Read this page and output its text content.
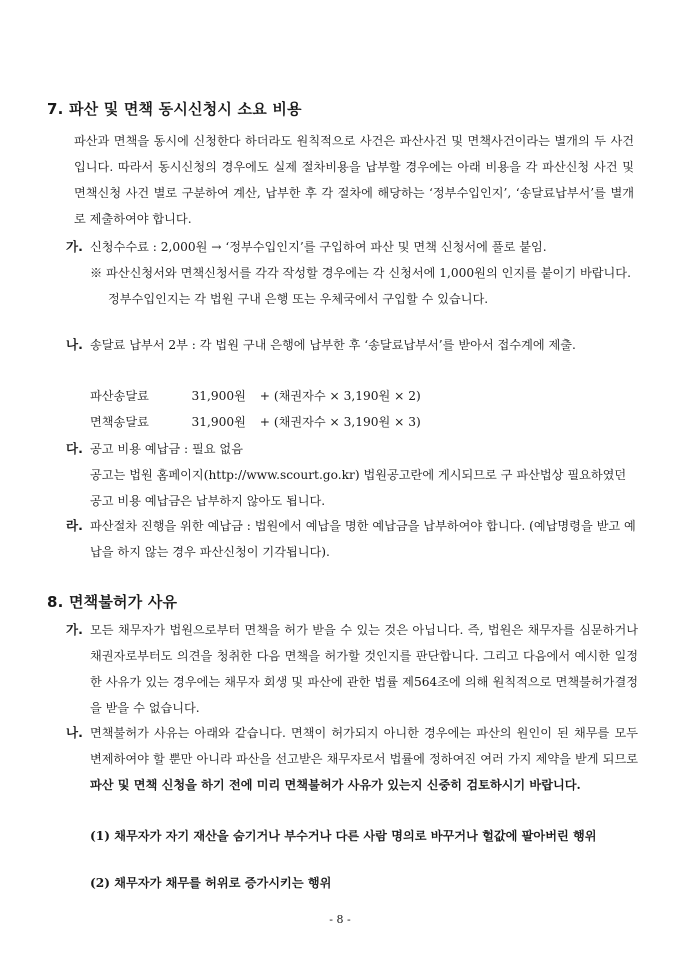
7. 파산 및 면책 동시신청시 소요 비용
파산과 면책을 동시에 신청한다 하더라도 원칙적으로 사건은 파산사건 및 면책사건이라는 별개의 두 사건입니다. 따라서 동시신청의 경우에도 실제 절차비용을 납부할 경우에는 아래 비용을 각 파산신청 사건 및 면책신청 사건 별로 구분하여 계산, 납부한 후 각 절차에 해당하는 ‘정부수입인지’, ‘송달료납부서’를 별개로 제출하여야 합니다.
가. 신청수수료 : 2,000원 → ‘정부수입인지’를 구입하여 파산 및 면책 신청서에 풀로 붙임.
※ 파산신청서와 면책신청서를 각각 작성할 경우에는 각 신청서에 1,000원의 인지를 붙이기 바랍니다. 정부수입인지는 각 법원 구내 은행 또는 우체국에서 구입할 수 있습니다.
나. 송달료 납부서 2부 : 각 법원 구내 은행에 납부한 후 ‘송달료납부서’를 받아서 접수계에 제출.
파산송달료	31,900원 + (채권자수 × 3,190원 × 2)
면책송달료	31,900원 + (채권자수 × 3,190원 × 3)
다. 공고 비용 예납금 : 필요 없음
공고는 법원 홈페이지(http://www.scourt.go.kr) 법원공고란에 게시되므로 구 파산법상 필요하였던 공고 비용 예납금은 납부하지 않아도 됩니다.
라. 파산절차 진행을 위한 예납금 : 법원에서 예납을 명한 예납금을 납부하여야 합니다. (예납명령을 받고 예납을 하지 않는 경우 파산신청이 기각됩니다).
8. 면책불허가 사유
가. 모든 채무자가 법원으로부터 면책을 허가 받을 수 있는 것은 아닙니다. 즉, 법원은 채무자를 심문하거나 채권자로부터도 의견을 청취한 다음 면책을 허가할 것인지를 판단합니다. 그리고 다음에서 예시한 일정한 사유가 있는 경우에는 채무자 회생 및 파산에 관한 법률 제564조에 의해 원칙적으로 면책불허가결정을 받을 수 없습니다.
나. 면책불허가 사유는 아래와 같습니다. 면책이 허가되지 아니한 경우에는 파산의 원인이 된 채무를 모두 변제하여야 할 뿐만 아니라 파산을 선고받은 채무자로서 법률에 정하여진 여러 가지 제약을 받게 되므로 파산 및 면책 신청을 하기 전에 미리 면책불허가 사유가 있는지 신중히 검토하시기 바랍니다.
(1) 채무자가 자기 재산을 숨기거나 부수거나 다른 사람 명의로 바꾸거나 헐값에 팔아버린 행위
(2) 채무자가 채무를 허위로 증가시키는 행위
- 8 -
